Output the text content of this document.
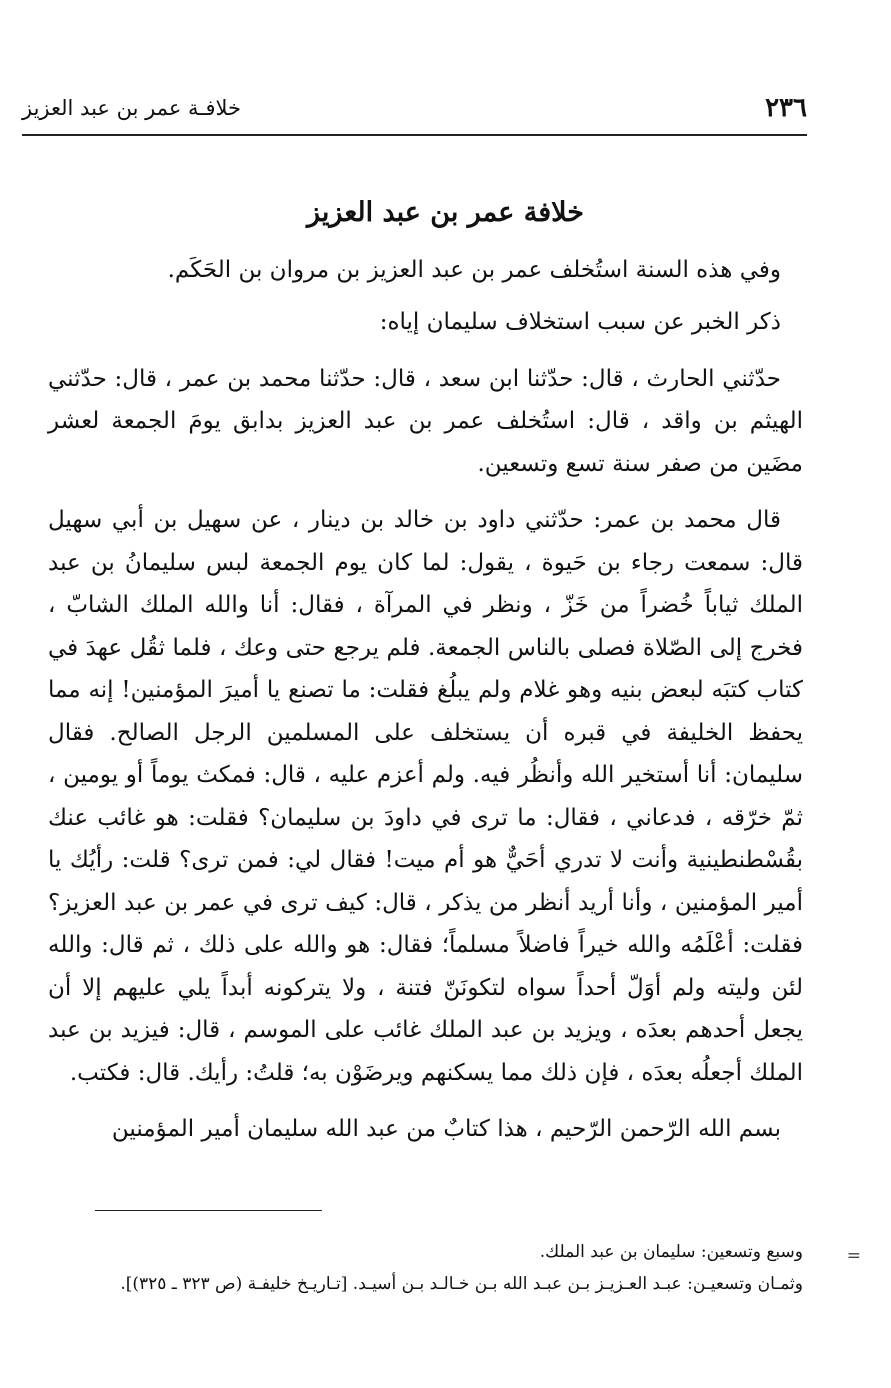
٢٣٦
خلافـة عمر بن عبد العزيز
خلافة عمر بن عبد العزيز

وفي هذه السنة استُخلف عمر بن عبد العزيز بن مروان بن الحَكَم.

ذكر الخبر عن سبب استخلاف سليمان إياه:

حدّثني الحارث ، قال: حدّثنا ابن سعد ، قال: حدّثنا محمد بن عمر ، قال: حدّثني الهيثم بن واقد ، قال: استُخلف عمر بن عبد العزيز بدابق يومَ الجمعة لعشر مضَين من صفر سنة تسع وتسعين.

قال محمد بن عمر: حدّثني داود بن خالد بن دينار ، عن سهيل بن أبي سهيل قال: سمعت رجاء بن حَيوة ، يقول: لما كان يوم الجمعة لبس سليمانُ بن عبد الملك ثياباً خُضراً من خَزّ ، ونظر في المرآة ، فقال: أنا والله الملك الشابّ ، فخرج إلى الصّلاة فصلى بالناس الجمعة. فلم يرجع حتى وعك ، فلما ثقُل عهدَ في كتاب كتبَه لبعض بنيه وهو غلام ولم يبلُغ فقلت: ما تصنع يا أميرَ المؤمنين! إنه مما يحفظ الخليفة في قبره أن يستخلف على المسلمين الرجل الصالح. فقال سليمان: أنا أستخير الله وأنظُر فيه. ولم أعزم عليه ، قال: فمكث يوماً أو يومين ، ثمّ خرّقه ، فدعاني ، فقال: ما ترى في داودَ بن سليمان؟ فقلت: هو غائب عنك بقُسْطنطينية وأنت لا تدري أحَيٌّ هو أم ميت! فقال لي: فمن ترى؟ قلت: رأيُك يا أمير المؤمنين ، وأنا أريد أنظر من يذكر ، قال: كيف ترى في عمر بن عبد العزيز؟ فقلت: أعْلَمُه والله خيراً فاضلاً مسلماً؛ فقال: هو والله على ذلك ، ثم قال: والله لئن وليته ولم أوَلّ أحداً سواه لتكونَنّ فتنة ، ولا يتركونه أبداً يلي عليهم إلا أن يجعل أحدهم بعدَه ، ويزيد بن عبد الملك غائب على الموسم ، قال: فيزيد بن عبد الملك أجعلُه بعدَه ، فإن ذلك مما يسكنهم ويرضَوْن به؛ قلتُ: رأيك. قال: فكتب.

بسم الله الرّحمن الرّحيم ، هذا كتابٌ من عبد الله سليمان أمير المؤمنين

=

وسبع وتسعين: سليمان بن عبد الملك.

وثمـان وتسعيـن: عبـد العـزيـز بـن عبـد الله بـن خـالـد بـن أسيـد. [تـاريـخ خليفـة (ص ٣٢٣ ـ ٣٢٥)].
